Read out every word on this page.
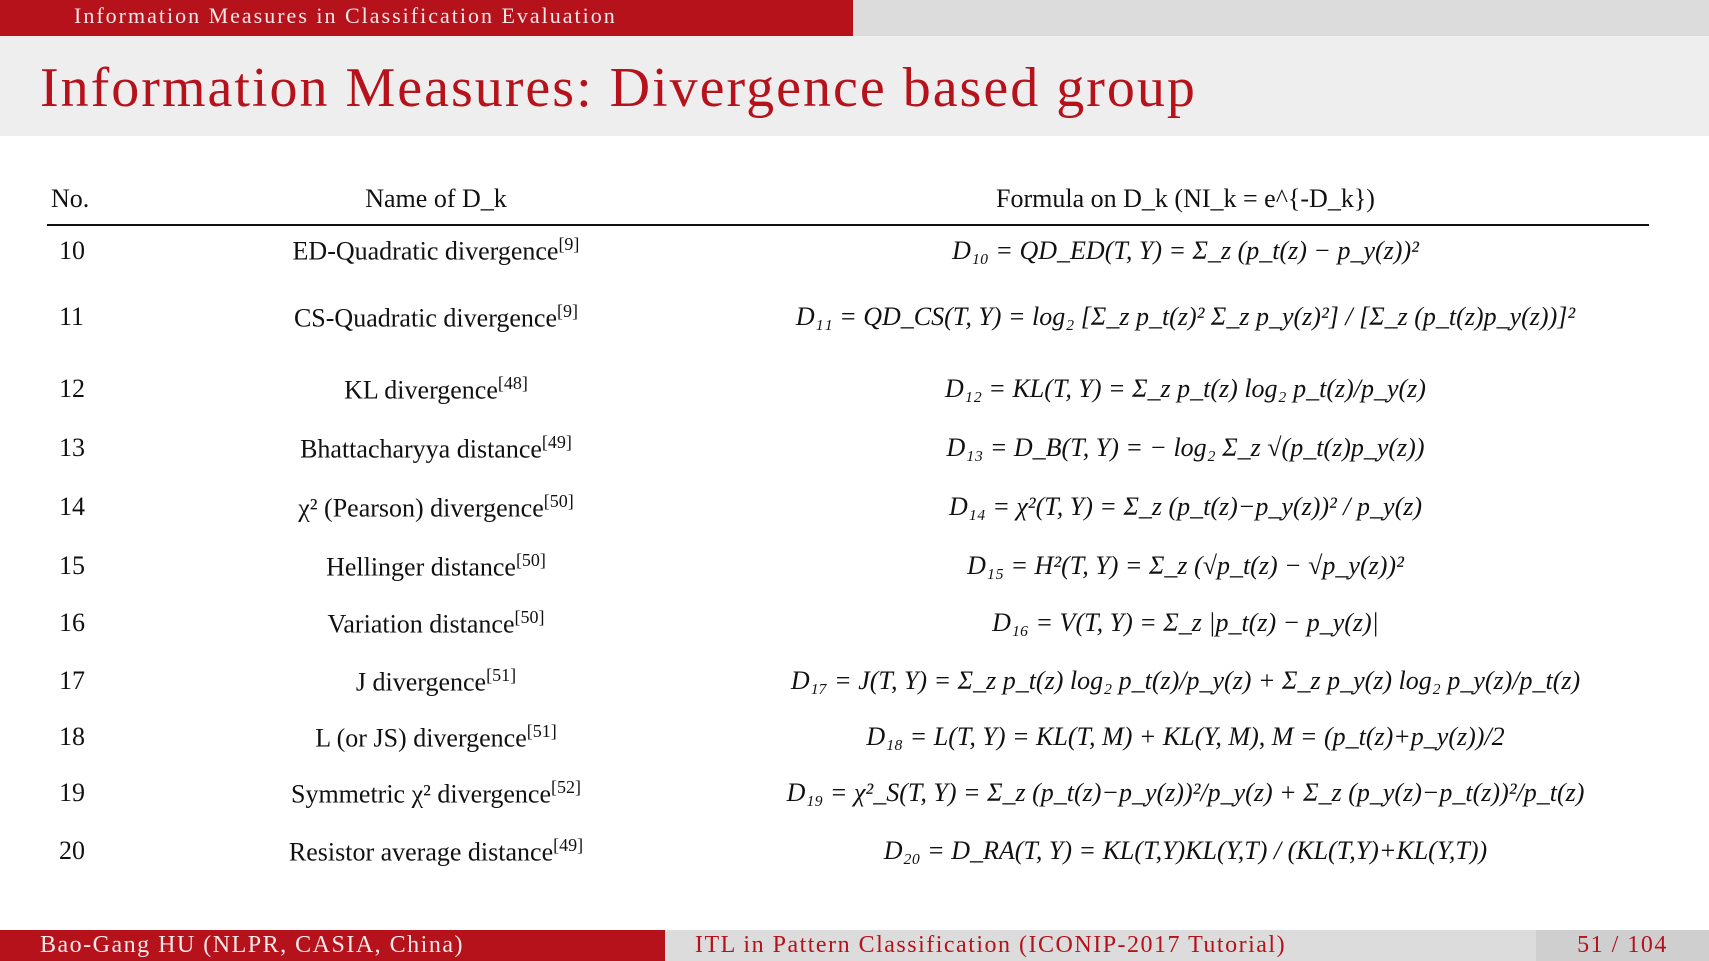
Information Measures in Classification Evaluation
Information Measures: Divergence based group
No.	Name of D_k	Formula on D_k (NI_k = e^{-D_k})
10	ED-Quadratic divergence[9]	D₁₀ = QD_ED(T, Y) = Σ_z (p_t(z) − p_y(z))²
11	CS-Quadratic divergence[9]	D₁₁ = QD_CS(T, Y) = log₂ [Σ_z p_t(z)² Σ_z p_y(z)²] / [Σ_z (p_t(z)p_y(z))]²
12	KL divergence[48]	D₁₂ = KL(T, Y) = Σ_z p_t(z) log₂ p_t(z)/p_y(z)
13	Bhattacharyya distance[49]	D₁₃ = D_B(T, Y) = − log₂ Σ_z √(p_t(z)p_y(z))
14	χ² (Pearson) divergence[50]	D₁₄ = χ²(T, Y) = Σ_z (p_t(z)−p_y(z))² / p_y(z)
15	Hellinger distance[50]	D₁₅ = H²(T, Y) = Σ_z (√p_t(z) − √p_y(z))²
16	Variation distance[50]	D₁₆ = V(T, Y) = Σ_z |p_t(z) − p_y(z)|
17	J divergence[51]	D₁₇ = J(T, Y) = Σ_z p_t(z) log₂ p_t(z)/p_y(z) + Σ_z p_y(z) log₂ p_y(z)/p_t(z)
18	L (or JS) divergence[51]	D₁₈ = L(T, Y) = KL(T, M) + KL(Y, M), M = (p_t(z)+p_y(z))/2
19	Symmetric χ² divergence[52]	D₁₉ = χ²_S(T, Y) = Σ_z (p_t(z)−p_y(z))²/p_y(z) + Σ_z (p_y(z)−p_t(z))²/p_t(z)
20	Resistor average distance[49]	D₂₀ = D_RA(T, Y) = KL(T,Y)KL(Y,T) / (KL(T,Y)+KL(Y,T))
Bao-Gang HU (NLPR, CASIA, China)	ITL in Pattern Classification (ICONIP-2017 Tutorial)	51 / 104
